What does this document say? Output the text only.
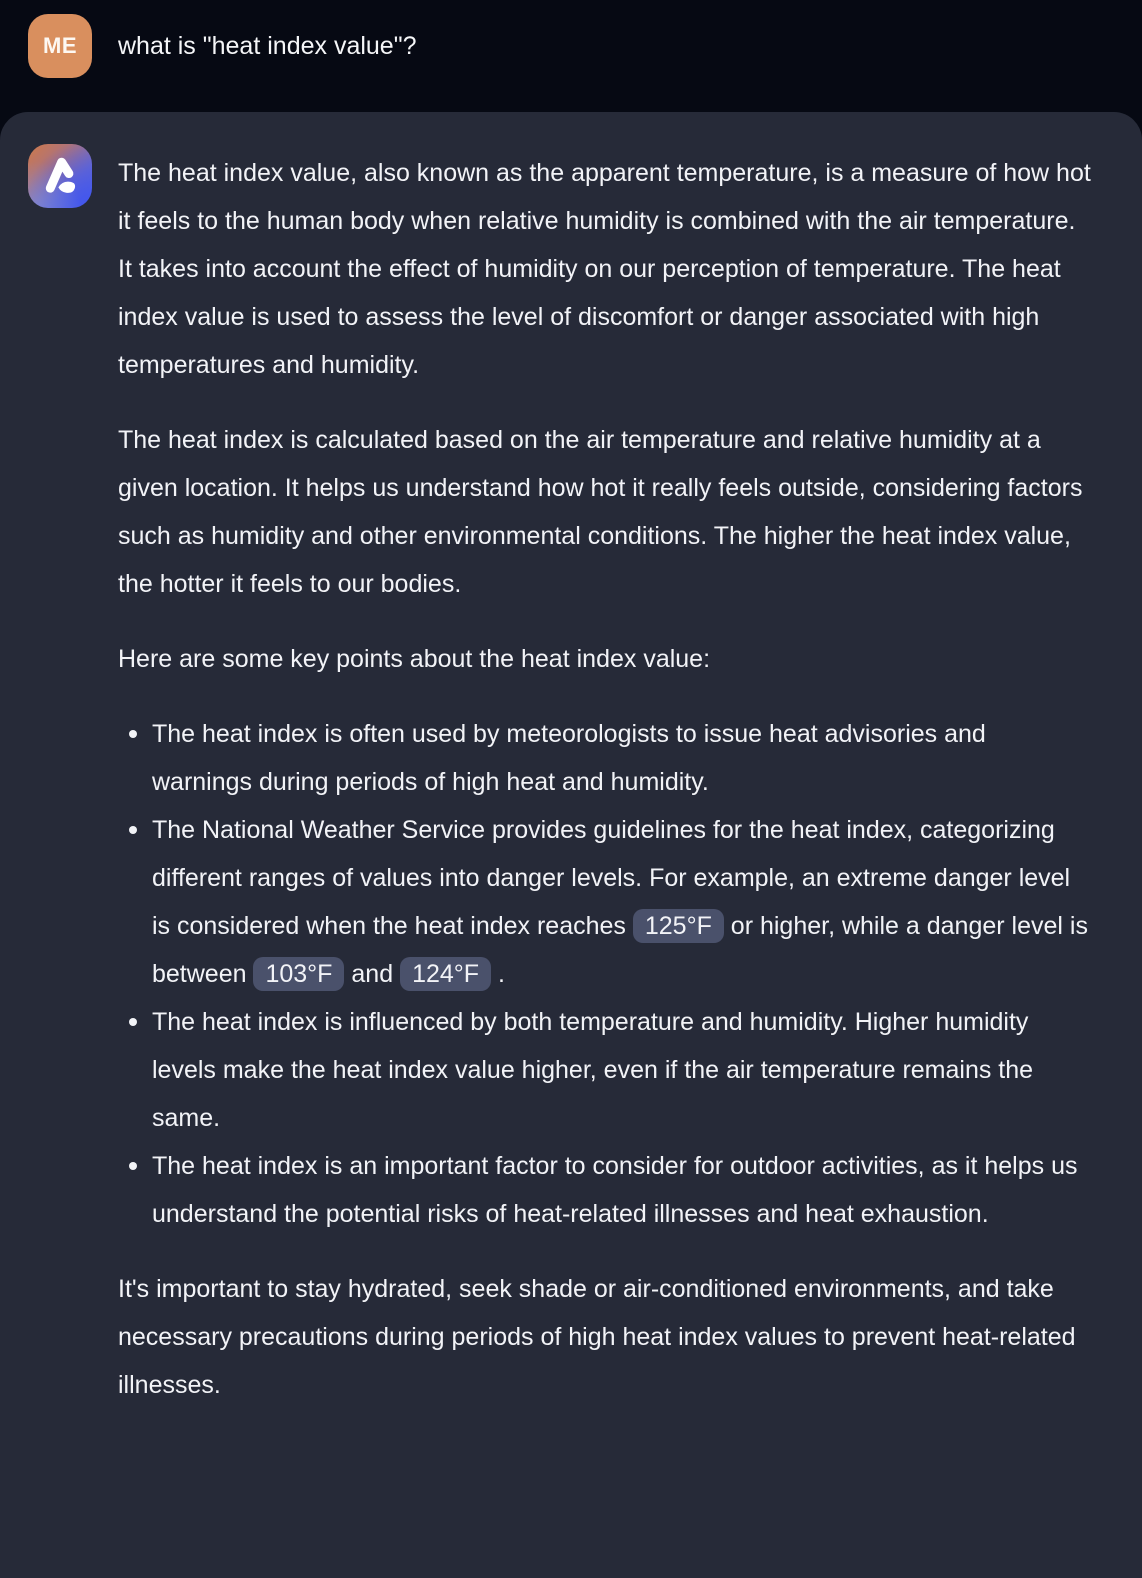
ME what is "heat index value"?

The heat index value, also known as the apparent temperature, is a measure of how hot it feels to the human body when relative humidity is combined with the air temperature. It takes into account the effect of humidity on our perception of temperature. The heat index value is used to assess the level of discomfort or danger associated with high temperatures and humidity.

The heat index is calculated based on the air temperature and relative humidity at a given location. It helps us understand how hot it really feels outside, considering factors such as humidity and other environmental conditions. The higher the heat index value, the hotter it feels to our bodies.

Here are some key points about the heat index value:

The heat index is often used by meteorologists to issue heat advisories and warnings during periods of high heat and humidity.
The National Weather Service provides guidelines for the heat index, categorizing different ranges of values into danger levels. For example, an extreme danger level is considered when the heat index reaches 125°F or higher, while a danger level is between 103°F and 124°F .
The heat index is influenced by both temperature and humidity. Higher humidity levels make the heat index value higher, even if the air temperature remains the same.
The heat index is an important factor to consider for outdoor activities, as it helps us understand the potential risks of heat-related illnesses and heat exhaustion.

It's important to stay hydrated, seek shade or air-conditioned environments, and take necessary precautions during periods of high heat index values to prevent heat-related illnesses.
